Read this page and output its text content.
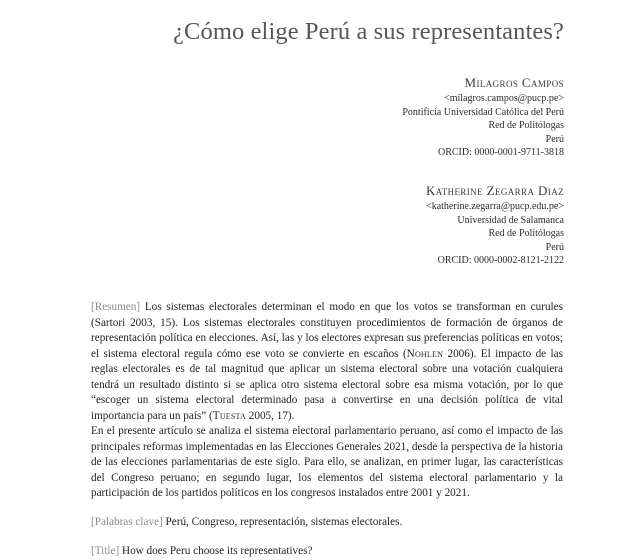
¿Cómo elige Perú a sus representantes?
Milagros Campos
<milagros.campos@pucp.pe>
Pontificia Universidad Católica del Perú
Red de Politólogas
Perú
ORCID: 0000-0001-9711-3818
Katherine Zegarra Diaz
<katherine.zegarra@pucp.edu.pe>
Universidad de Salamanca
Red de Politólogas
Perú
ORCID: 0000-0002-8121-2122

[Resumen] Los sistemas electorales determinan el modo en que los votos se transforman en curules (Sartori 2003, 15). Los sistemas electorales constituyen procedimientos de formación de órganos de representación política en elecciones. Así, las y los electores expresan sus preferencias políticas en votos; el sistema electoral regula cómo ese voto se convierte en escaños (Nohlen 2006). El impacto de las reglas electorales es de tal magnitud que aplicar un sistema electoral sobre una votación cualquiera tendrá un resultado distinto si se aplica otro sistema electoral sobre esa misma votación, por lo que “escoger un sistema electoral determinado pasa a convertirse en una decisión política de vital importancia para un país” (Tuesta 2005, 17).

En el presente artículo se analiza el sistema electoral parlamentario peruano, así como el impacto de las principales reformas implementadas en las Elecciones Generales 2021, desde la perspectiva de la historia de las elecciones parlamentarias de este siglo. Para ello, se analizan, en primer lugar, las características del Congreso peruano; en segundo lugar, los elementos del sistema electoral parlamentario y la participación de los partidos políticos en los congresos instalados entre 2001 y 2021.

[Palabras clave] Perú, Congreso, representación, sistemas electorales.

[Title] How does Peru choose its representatives?
